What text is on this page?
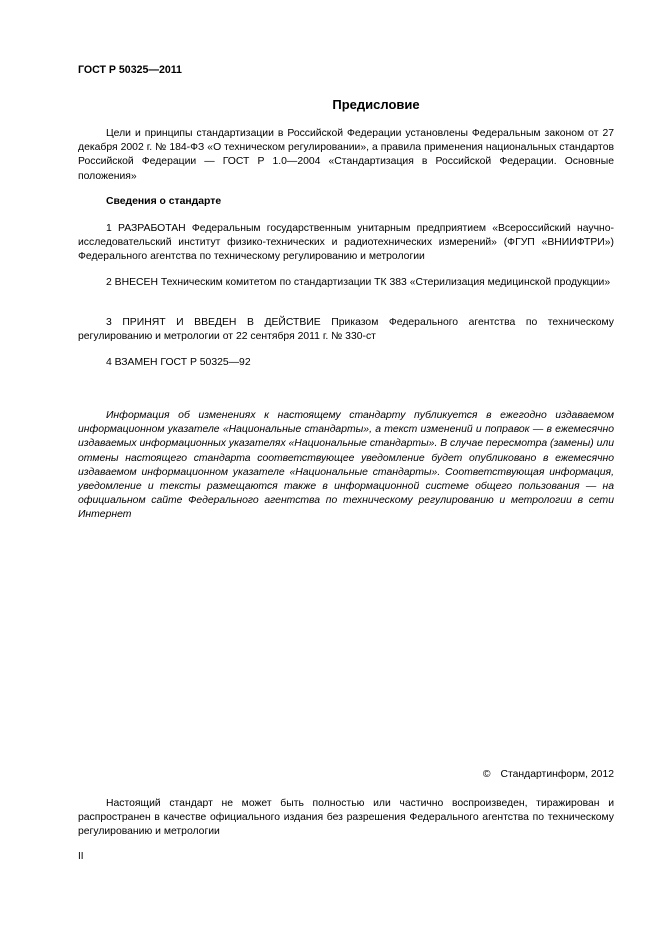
ГОСТ Р 50325—2011
Предисловие

Цели и принципы стандартизации в Российской Федерации установлены Федеральным законом от 27 декабря 2002 г. № 184-ФЗ «О техническом регулировании», а правила применения национальных стандартов Российской Федерации — ГОСТ Р 1.0—2004 «Стандартизация в Российской Федерации. Основные положения»

Сведения о стандарте

1 РАЗРАБОТАН Федеральным государственным унитарным предприятием «Всероссийский научно-исследовательский институт физико-технических и радиотехнических измерений» (ФГУП «ВНИИФТРИ») Федерального агентства по техническому регулированию и метрологии

2 ВНЕСЕН Техническим комитетом по стандартизации ТК 383 «Стерилизация медицинской продукции»

3 ПРИНЯТ И ВВЕДЕН В ДЕЙСТВИЕ Приказом Федерального агентства по техническому регулированию и метрологии от 22 сентября 2011 г. № 330-ст

4 ВЗАМЕН ГОСТ Р 50325—92

Информация об изменениях к настоящему стандарту публикуется в ежегодно издаваемом информационном указателе «Национальные стандарты», а текст изменений и поправок — в ежемесячно издаваемых информационных указателях «Национальные стандарты». В случае пересмотра (замены) или отмены настоящего стандарта соответствующее уведомление будет опубликовано в ежемесячно издаваемом информационном указателе «Национальные стандарты». Соответствующая информация, уведомление и тексты размещаются также в информационной системе общего пользования — на официальном сайте Федерального агентства по техническому регулированию и метрологии в сети Интернет

© Стандартинформ, 2012

Настоящий стандарт не может быть полностью или частично воспроизведен, тиражирован и распространен в качестве официального издания без разрешения Федерального агентства по техническому регулированию и метрологии

II
